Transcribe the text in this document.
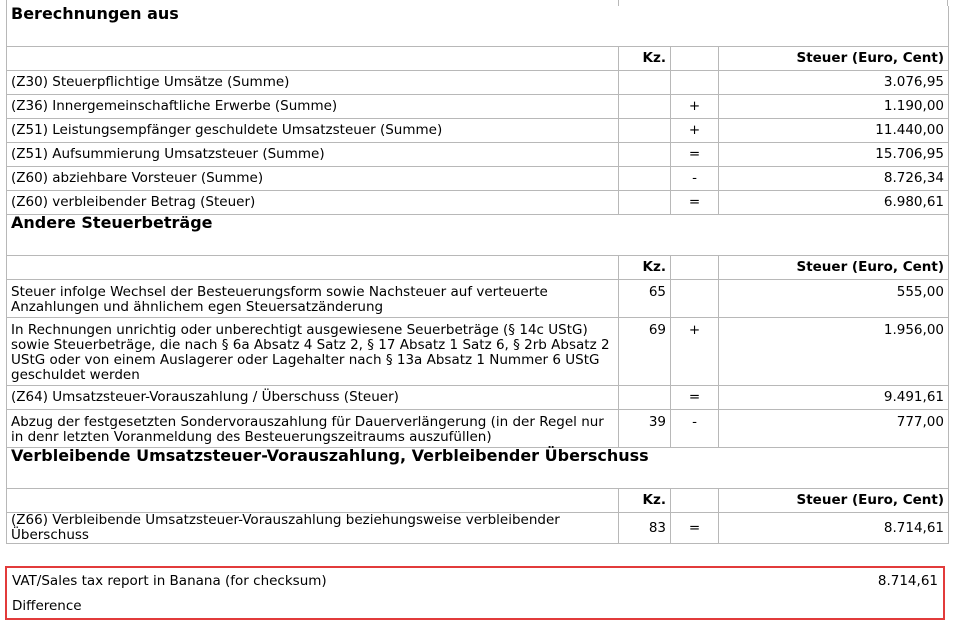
Berechnungen aus			
	Kz.		Steuer (Euro, Cent)
(Z30) Steuerpflichtige Umsätze (Summe)			3.076,95
(Z36) Innergemeinschaftliche Erwerbe (Summe)		+	1.190,00
(Z51) Leistungsempfänger geschuldete Umsatzsteuer (Summe)		+	11.440,00
(Z51) Aufsummierung Umsatzsteuer (Summe)		=	15.706,95
(Z60) abziehbare Vorsteuer (Summe)		-	8.726,34
(Z60) verbleibender Betrag (Steuer)		=	6.980,61
Andere Steuerbeträge			
	Kz.		Steuer (Euro, Cent)
Steuer infolge Wechsel der Besteuerungsform sowie Nachsteuer auf verteuerte Anzahlungen und ähnlichem egen Steuersatzänderung	65		555,00
In Rechnungen unrichtig oder unberechtigt ausgewiesene Seuerbeträge (§ 14c UStG) sowie Steuerbeträge, die nach § 6a Absatz 4 Satz 2, § 17 Absatz 1 Satz 6, § 2rb Absatz 2 UStG oder von einem Auslagerer oder Lagehalter nach § 13a Absatz 1 Nummer 6 UStG geschuldet werden	69	+	1.956,00
(Z64) Umsatzsteuer-Vorauszahlung / Überschuss (Steuer)		=	9.491,61
Abzug der festgesetzten Sondervorauszahlung für Dauerverlängerung (in der Regel nur in denr letzten Voranmeldung des Besteuerungszeitraums auszufüllen)	39	-	777,00
Verbleibende Umsatzsteuer-Vorauszahlung, Verbleibender Überschuss			
	Kz.		Steuer (Euro, Cent)
(Z66) Verbleibende Umsatzsteuer-Vorauszahlung beziehungsweise verbleibender Überschuss	83	=	8.714,61
VAT/Sales tax report in Banana (for checksum)	8.714,61
Difference
